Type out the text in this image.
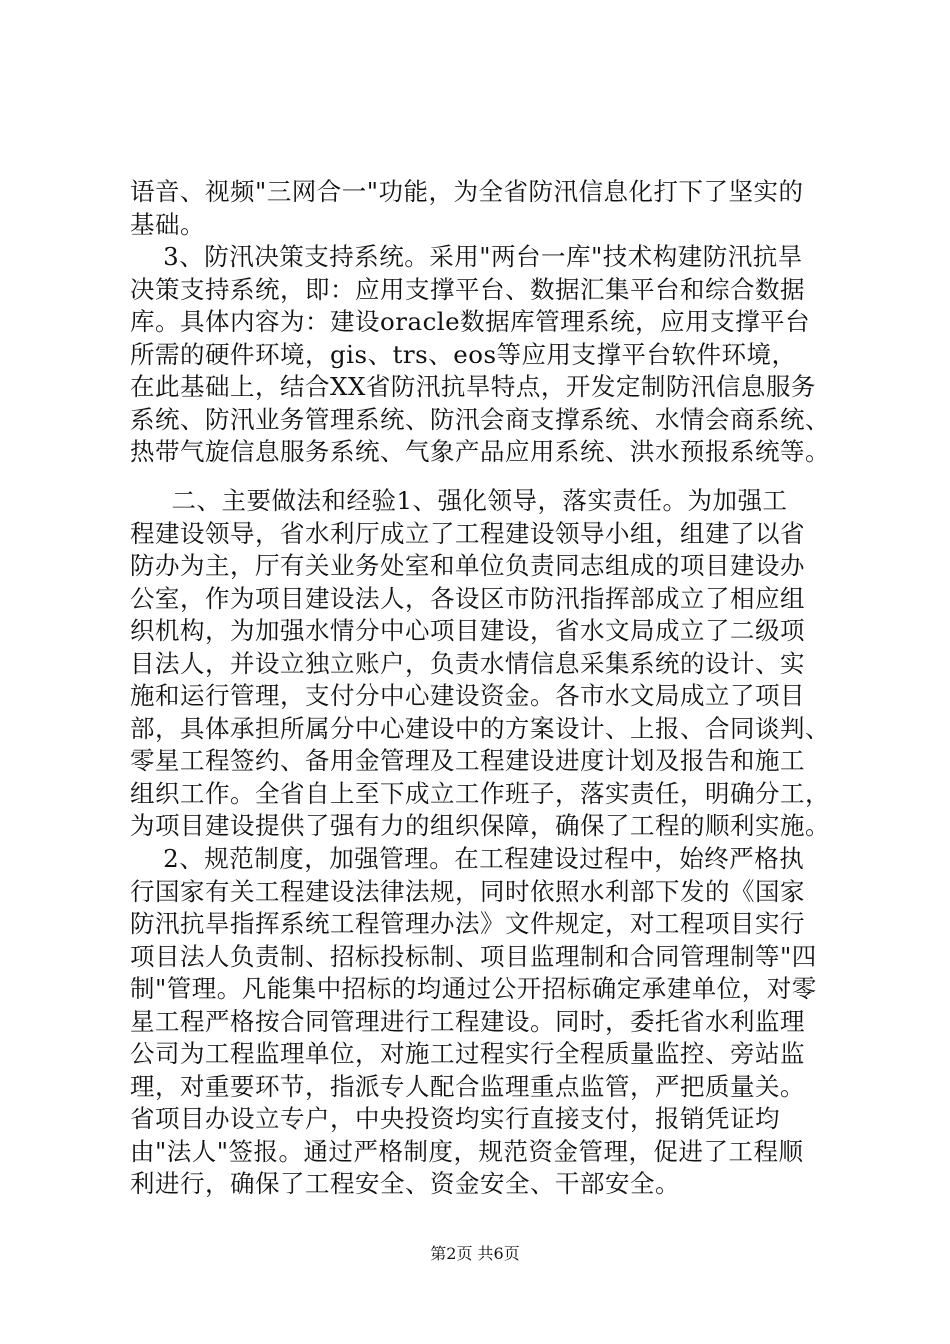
语音、视频"三网合一"功能，为全省防汛信息化打下了坚实的
基础。
3、防汛决策支持系统。采用"两台一库"技术构建防汛抗旱
决策支持系统，即：应用支撑平台、数据汇集平台和综合数据
库。具体内容为：建设oracle数据库管理系统，应用支撑平台
所需的硬件环境，gis、trs、eos等应用支撑平台软件环境，
在此基础上，结合XX省防汛抗旱特点，开发定制防汛信息服务
系统、防汛业务管理系统、防汛会商支撑系统、水情会商系统、
热带气旋信息服务系统、气象产品应用系统、洪水预报系统等。
二、主要做法和经验1、强化领导，落实责任。为加强工
程建设领导，省水利厅成立了工程建设领导小组，组建了以省
防办为主，厅有关业务处室和单位负责同志组成的项目建设办
公室，作为项目建设法人，各设区市防汛指挥部成立了相应组
织机构，为加强水情分中心项目建设，省水文局成立了二级项
目法人，并设立独立账户，负责水情信息采集系统的设计、实
施和运行管理，支付分中心建设资金。各市水文局成立了项目
部，具体承担所属分中心建设中的方案设计、上报、合同谈判、
零星工程签约、备用金管理及工程建设进度计划及报告和施工
组织工作。全省自上至下成立工作班子，落实责任，明确分工，
为项目建设提供了强有力的组织保障，确保了工程的顺利实施。
2、规范制度，加强管理。在工程建设过程中，始终严格执
行国家有关工程建设法律法规，同时依照水利部下发的《国家
防汛抗旱指挥系统工程管理办法》文件规定，对工程项目实行
项目法人负责制、招标投标制、项目监理制和合同管理制等"四
制"管理。凡能集中招标的均通过公开招标确定承建单位，对零
星工程严格按合同管理进行工程建设。同时，委托省水利监理
公司为工程监理单位，对施工过程实行全程质量监控、旁站监
理，对重要环节，指派专人配合监理重点监管，严把质量关。
省项目办设立专户，中央投资均实行直接支付，报销凭证均
由"法人"签报。通过严格制度，规范资金管理，促进了工程顺
利进行，确保了工程安全、资金安全、干部安全。
第2页 共6页
